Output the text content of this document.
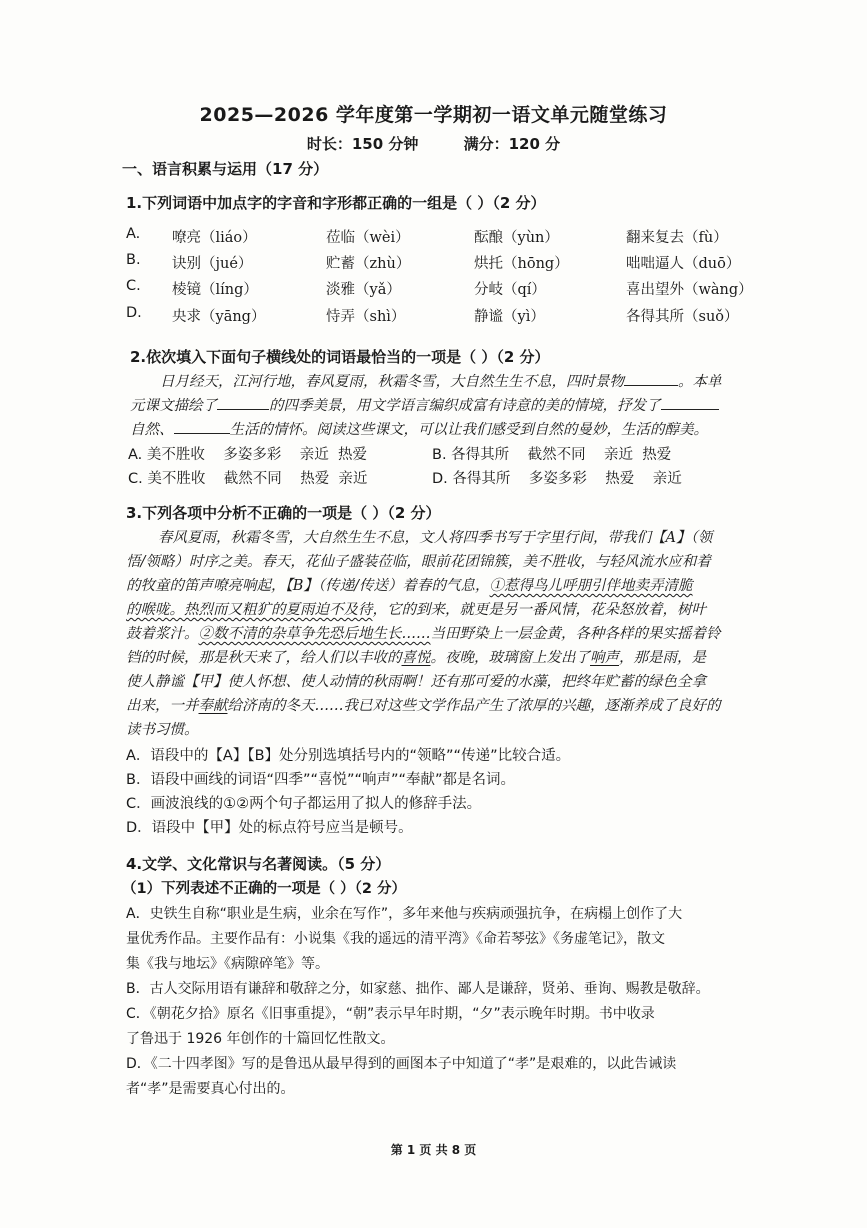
2025—2026 学年度第一学期初一语文单元随堂练习
时长：150 分钟	满分：120 分
一、语言积累与运用（17 分）
1.下列词语中加点字的字音和字形都正确的一组是（ ）（2 分）
A. 嘹亮（liáo）	莅临（wèi）	酝酿（yùn）	翻来复去（fù）
B. 诀别（jué）	贮蓄（zhù）	烘托（hōng）	咄咄逼人（duō）
C. 棱镜（líng）	淡雅（yǎ）	分岐（qí）	喜出望外（wàng）
D. 央求（yāng）	恃弄（shì）	静谧（yì）	各得其所（suǒ）
2.依次填入下面句子横线处的词语最恰当的一项是（ ）（2 分）
日月经天，江河行地，春风夏雨，秋霜冬雪，大自然生生不息，四时景物	。本单
元课文描绘了	的四季美景，用文学语言编织成富有诗意的美的情境，抒发了
自然、	生活的情怀。阅读这些课文，可以让我们感受到自然的曼妙，生活的醇美。
A. 美不胜收    多姿多彩    亲近  热爱	B. 各得其所    截然不同    亲近  热爱
C. 美不胜收    截然不同    热爱  亲近	D. 各得其所    多姿多彩    热爱    亲近
3.下列各项中分析不正确的一项是（ ）（2 分）
春风夏雨，秋霜冬雪，大自然生生不息，文人将四季书写于字里行间，带我们【A】（领
悟/领略）时序之美。春天，花仙子盛装莅临，眼前花团锦簇，美不胜收，与轻风流水应和着
的牧童的笛声嘹亮响起，【B】（传递/传送）着春的气息，①惹得鸟儿呼朋引伴地卖弄清脆
的喉咙。热烈而又粗犷的夏雨迫不及待，它的到来，就更是另一番风情，花朵怒放着，树叶
鼓着浆汁。②数不清的杂草争先恐后地生长……当田野染上一层金黄，各种各样的果实摇着铃
铛的时候，那是秋天来了，给人们以丰收的喜悦。夜晚，玻璃窗上发出了响声，那是雨，是
使人静谧【甲】使人怀想、使人动情的秋雨啊！还有那可爱的水藻，把终年贮蓄的绿色全拿
出来，一并奉献给济南的冬天……我已对这些文学作品产生了浓厚的兴趣，逐渐养成了良好的
读书习惯。
A．语段中的【A】【B】处分别选填括号内的“领略”“传递”比较合适。
B．语段中画线的词语“四季”“喜悦”“响声”“奉献”都是名词。
C．画波浪线的①②两个句子都运用了拟人的修辞手法。
D．语段中【甲】处的标点符号应当是顿号。
4.文学、文化常识与名著阅读。（5 分）
（1）下列表述不正确的一项是（ ）（2 分）
A．史铁生自称“职业是生病，业余在写作”，多年来他与疾病顽强抗争，在病榻上创作了大
量优秀作品。主要作品有：小说集《我的遥远的清平湾》《命若琴弦》《务虚笔记》，散文
集《我与地坛》《病隙碎笔》等。
B．古人交际用语有谦辞和敬辞之分，如家慈、拙作、鄙人是谦辞，贤弟、垂询、赐教是敬辞。
C．《朝花夕拾》原名《旧事重提》，“朝”表示早年时期，“夕”表示晚年时期。书中收录
了鲁迅于 1926 年创作的十篇回忆性散文。
D．《二十四孝图》写的是鲁迅从最早得到的画图本子中知道了“孝”是艰难的，以此告诫读
者“孝”是需要真心付出的。
第 1 页 共 8 页
